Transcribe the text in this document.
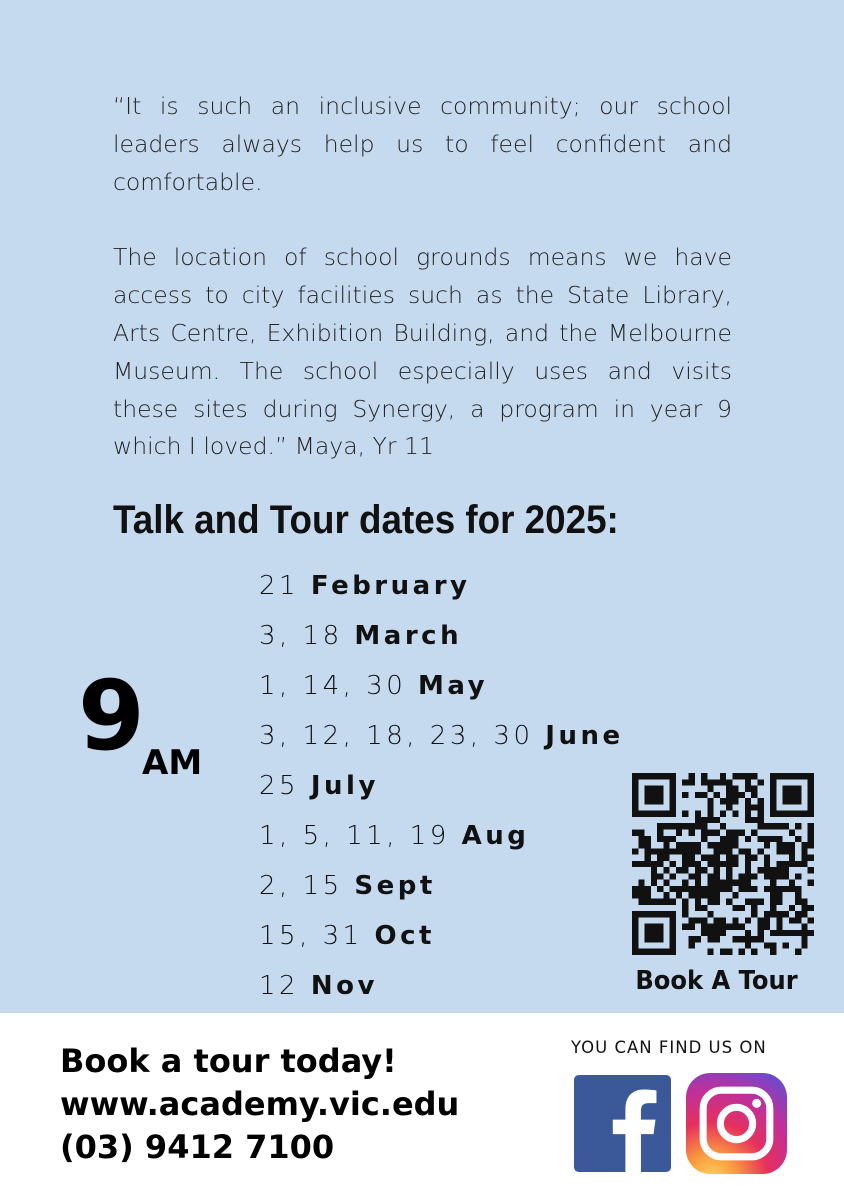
“It is such an inclusive community; our school leaders always help us to feel confident and comfortable.

The location of school grounds means we have access to city facilities such as the State Library, Arts Centre, Exhibition Building, and the Melbourne Museum. The school especially uses and visits these sites during Synergy, a program in year 9 which I loved.” Maya, Yr 11

Talk and Tour dates for 2025:
9 AM
21 February
3, 18 March
1, 14, 30 May
3, 12, 18, 23, 30 June
25 July
1, 5, 11, 19 Aug
2, 15 Sept
15, 31 Oct
12 Nov	Book A Tour
Book a tour today!
www.academy.vic.edu
(03) 9412 7100
YOU CAN FIND US ON
